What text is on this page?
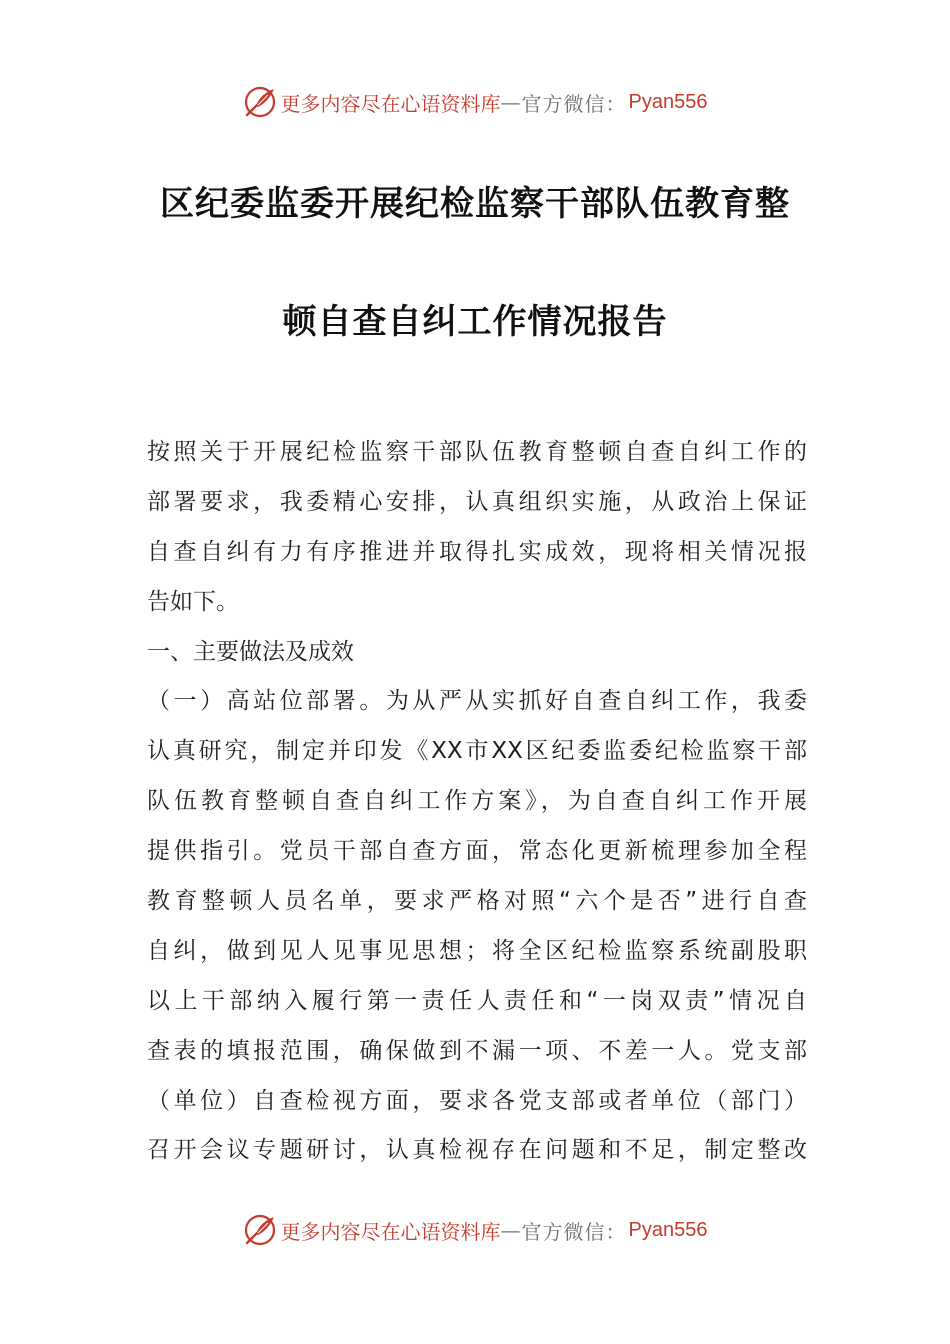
更多内容尽在心语资料库 — 官方微信： Pyan556
区纪委监委开展纪检监察干部队伍教育整
顿自查自纠工作情况报告
按照关于开展纪检监察干部队伍教育整顿自查自纠工作的
部署要求，我委精心安排，认真组织实施，从政治上保证
自查自纠有力有序推进并取得扎实成效，现将相关情况报
告如下。
一、主要做法及成效
（一）高站位部署。为从严从实抓好自查自纠工作，我委
认真研究，制定并印发《XX市XX区纪委监委纪检监察干部
队伍教育整顿自查自纠工作方案》，为自查自纠工作开展
提供指引。党员干部自查方面，常态化更新梳理参加全程
教育整顿人员名单，要求严格对照“六个是否”进行自查
自纠，做到见人见事见思想；将全区纪检监察系统副股职
以上干部纳入履行第一责任人责任和“一岗双责”情况自
查表的填报范围，确保做到不漏一项、不差一人。党支部
（单位）自查检视方面，要求各党支部或者单位（部门）
召开会议专题研讨，认真检视存在问题和不足，制定整改
更多内容尽在心语资料库 — 官方微信： Pyan556
